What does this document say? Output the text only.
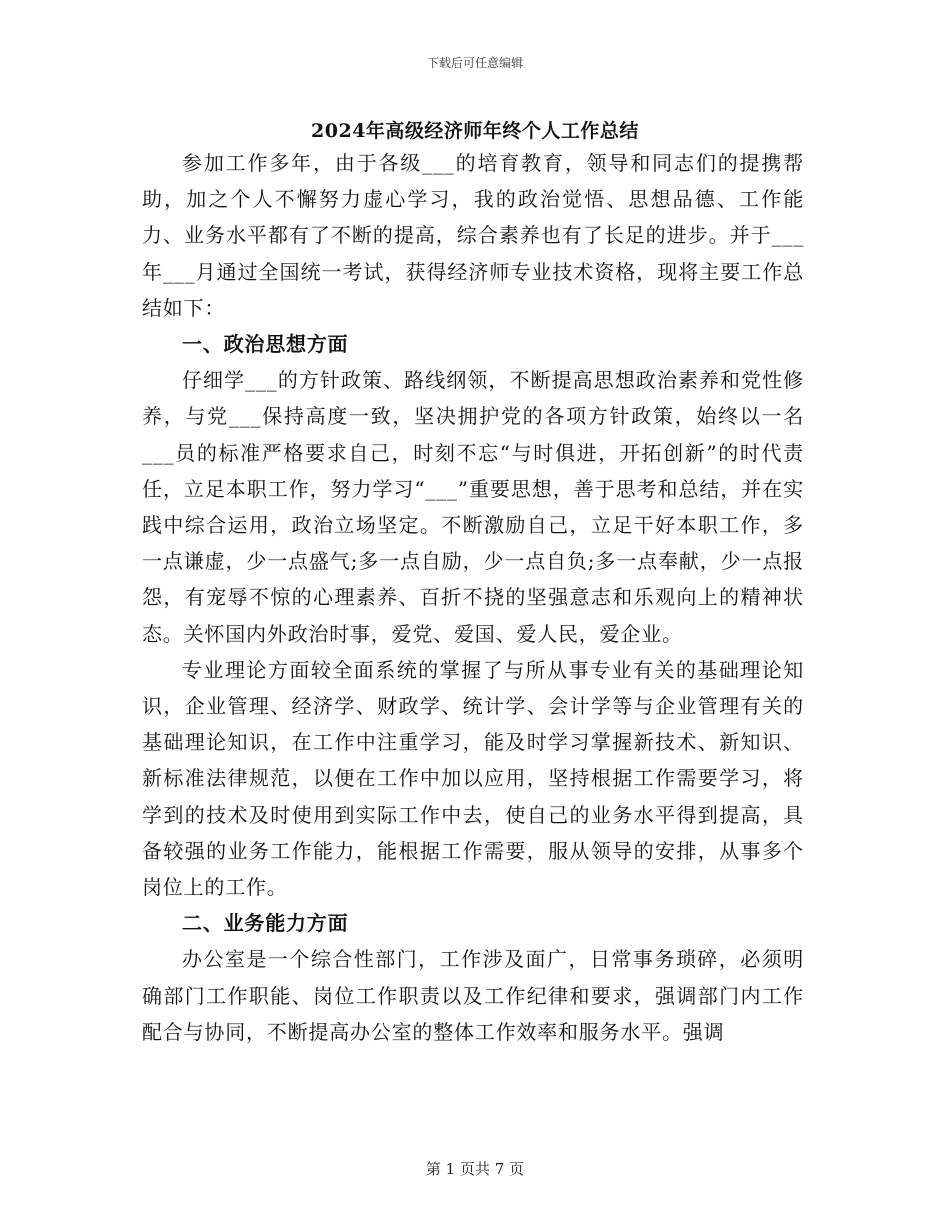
下载后可任意编辑
2024年高级经济师年终个人工作总结

参加工作多年，由于各级___的培育教育，领导和同志们的提携帮助，加之个人不懈努力虚心学习，我的政治觉悟、思想品德、工作能力、业务水平都有了不断的提高，综合素养也有了长足的进步。并于___年___月通过全国统一考试，获得经济师专业技术资格，现将主要工作总结如下：

一、政治思想方面

仔细学___的方针政策、路线纲领，不断提高思想政治素养和党性修养，与党___保持高度一致，坚决拥护党的各项方针政策，始终以一名___员的标准严格要求自己，时刻不忘“与时俱进，开拓创新”的时代责任，立足本职工作，努力学习“___”重要思想，善于思考和总结，并在实践中综合运用，政治立场坚定。不断激励自己，立足干好本职工作，多一点谦虚，少一点盛气;多一点自励，少一点自负;多一点奉献，少一点报怨，有宠辱不惊的心理素养、百折不挠的坚强意志和乐观向上的精神状态。关怀国内外政治时事，爱党、爱国、爱人民，爱企业。

专业理论方面较全面系统的掌握了与所从事专业有关的基础理论知识，企业管理、经济学、财政学、统计学、会计学等与企业管理有关的基础理论知识，在工作中注重学习，能及时学习掌握新技术、新知识、新标准法律规范，以便在工作中加以应用，坚持根据工作需要学习，将学到的技术及时使用到实际工作中去，使自己的业务水平得到提高，具备较强的业务工作能力，能根据工作需要，服从领导的安排，从事多个岗位上的工作。

二、业务能力方面

办公室是一个综合性部门，工作涉及面广，日常事务琐碎，必须明确部门工作职能、岗位工作职责以及工作纪律和要求，强调部门内工作配合与协同，不断提高办公室的整体工作效率和服务水平。强调

第 1 页共 7 页
